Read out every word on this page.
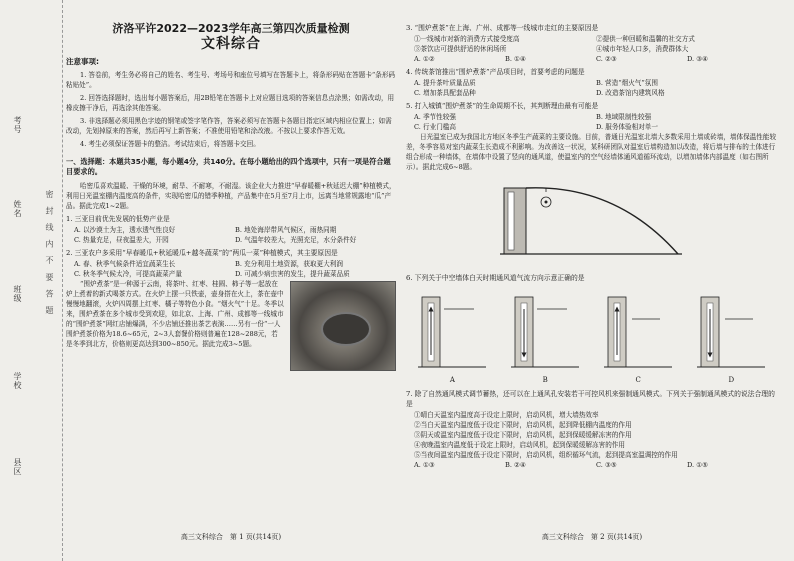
考号
姓名
班级
学校
县区
密 封 线 内 不 要 答 题
济洛平许2022—2023学年高三第四次质量检测
文科综合
注意事项:

1. 答卷前，考生务必将自己的姓名、考生号、考场号和座位号填写在答题卡上，将条形码贴在答题卡“条形码粘贴处”。

2. 回答选择题时，选出每小题答案后，用2B铅笔在答题卡上对应题目选项的答案信息点涂黑；如需改动，用橡皮擦干净后，再选涂其他答案。

3. 非选择题必须用黑色字迹的钢笔或签字笔作答，答案必须写在答题卡各题目指定区域内相应位置上；如需改动，先划掉原来的答案，然后再写上新答案；不准使用铅笔和涂改液。不按以上要求作答无效。

4. 考生必须保证答题卡的整洁。考试结束后，将答题卡交回。

一、选择题：本题共35小题，每小题4分，共140分。在每小题给出的四个选项中，只有一项是符合题目要求的。
哈密瓜喜欢温暖、干燥的环境，耐旱、不耐寒，不耐湿。该企业大力推进“早春暖棚+秋延迟大棚”种植模式，利用日光温室棚内温度高的条件，实现哈密瓜的错季种植，产品集中在5月至7月上市，远离当地常规露地“瓜”产品。据此完成1~2题。
1. 三亚目前优先发展的低势产业是
A. 以沙漠土为主，透水透气性良好	B. 地处海岸带风气候区，雨热同期
C. 热量充足，昼夜温差大，开园	D. 气温年较差大，光照充足，水分条件好
2. 三亚农户多采用“早春暖瓜+秋延暖瓜+越冬蔬菜”的“两瓜一菜”种植模式，其主要原因是
A. 春、秋季气候条件适宜蔬菜生长	B. 充分利用土地资源，获取更大利润
C. 秋冬季气候太冷，可提高蔬菜产量	D. 可减少病虫害的发生，提升蔬菜品质
“围炉煮茶”是一种源于云南，将茶叶、红枣、桂圆、柿子等一起放在炉上煮着的新式喝茶方式。在火炉上摆一只铁壶，壶身搭在火上，茶在壶中慢慢地翻滚，火炉四周摆上红枣、橘子等特色小食。“烟火气”十足。冬季以来，围炉煮茶在多个城市受到欢迎，如北京、上海、广州、成都等一线城市的“围炉煮茶”网红店铺爆满，不少店铺还推出茶艺表演……另有一份“一人围炉煮茶价格为18.6~65元，2~3人套餐价格则普遍在128~288元，若是冬季到北方，价格则更高达到300~850元。据此完成3~5题。
高三文科综合　第 1 页(共14页)
3. “围炉煮茶”在上海、广州、成都等一线城市走红的主要原因是
①一线城市对新的消费方式接受度高	②提供一种回暖和温馨的社交方式
③茶饮店可提供舒适的休闲场所	④城市年轻人口多，消费群体大
A. ①②	B. ①④	C. ②③	D. ③④
4. 传统茶馆推出“围炉煮茶”产品项目时，首要考虑的问题是
A. 提升茶叶质量品质	B. 营造“烟火气”氛围
C. 增加茶具配套品种	D. 改造茶馆内建筑风格
5. 打入城镇“围炉煮茶”的生命周期不长，其判断理由最有可能是
A. 季节性较强	B. 地域限制性较强
C. 行业门槛高	D. 服务体验相对单一
日光温室已成为我国北方地区冬季生产蔬菜的主要设施。目前，普通日光温室北墙大多数采用土墙或砖墙，墙体保温性能较差，冬季容易对室内蔬菜生长造成不利影响。为改善这一状况，某科研团队对温室后墙构造加以改造，将后墙与排布的土体进行组合形成一种墙体，在墙体中设置了竖向的通风道，使温室内的空气经墙体通风道循环流动，以增加墙体内部温度（如右图所示）。据此完成6~8题。
6. 下列关于中空墙体白天时期通风道气流方向示意正确的是
A	B	C	D
7. 除了自然通风模式调节蓄热，还可以在上通风孔安装若干可控风机来强制通风模式。下列关于强制通风模式的说法合理的是
①晴白天温室内温度高于设定上限时，启动风机，增大墙热效率
②当白天温室内温度低于设定下限时，启动风机，起到降低棚内温度的作用
③阴天或温室内温度低于设定下限时，启动风机，起到保暖缓解冻害的作用
④夜晚温室内温度低于设定上限时，启动风机，起到保暖缓解冻害的作用
⑤当夜间温室内温度低于设定下限时，启动风机，组织循环气流，起到提高室温调控的作用
A. ①③	B. ②④	C. ③⑤	D. ①⑤
高三文科综合　第 2 页(共14页)
